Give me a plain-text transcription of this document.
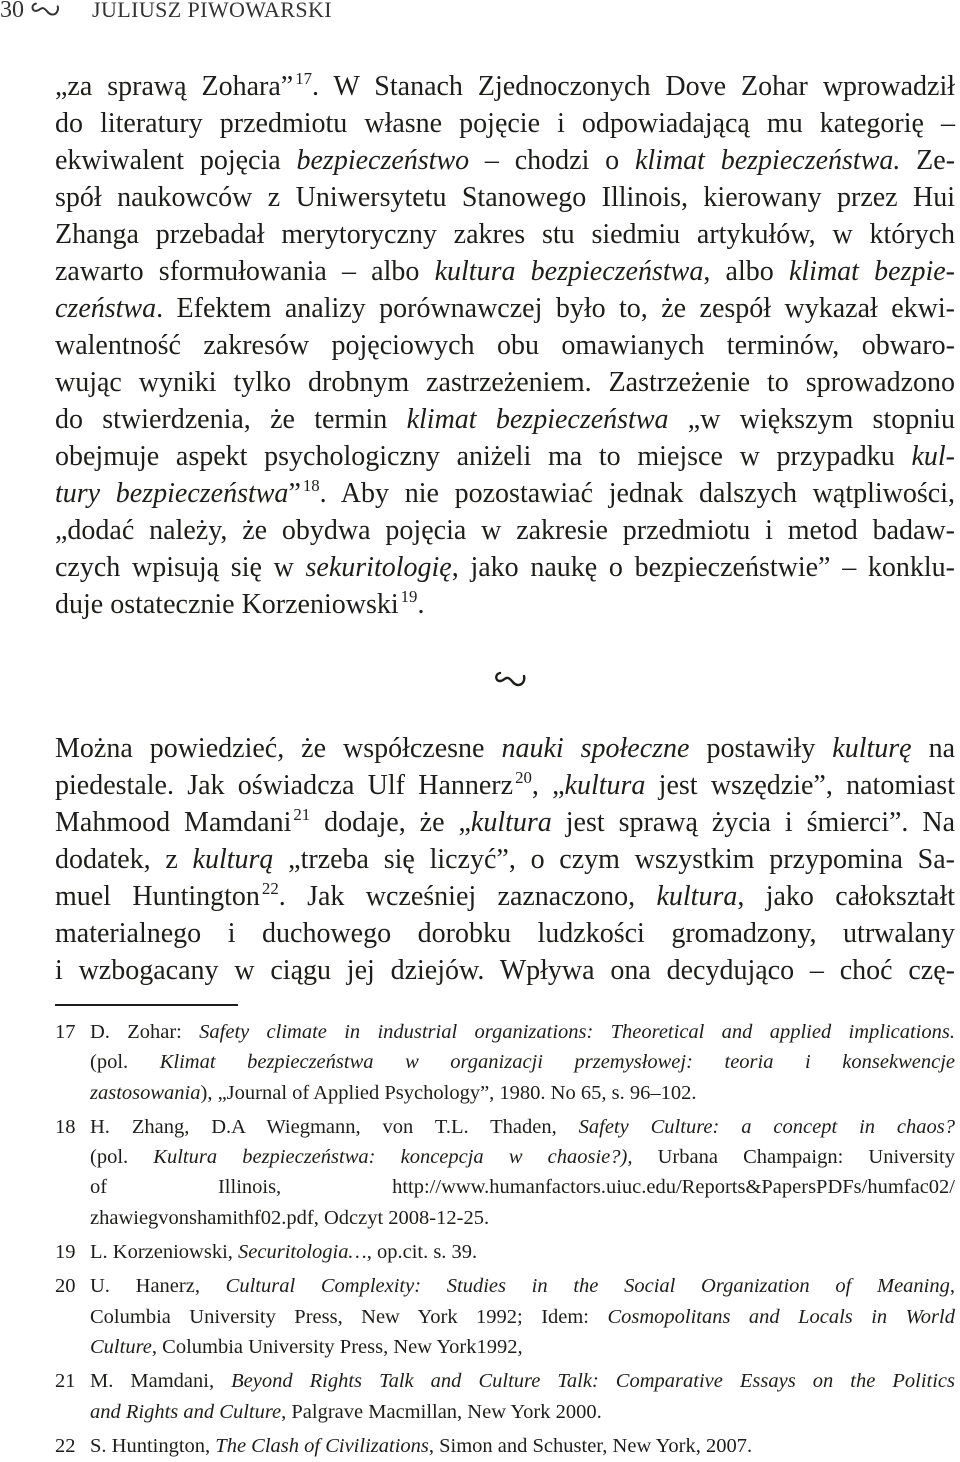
30	JULIUSZ PIWOWARSKI
„za sprawą Zohara” $^{17}$. W Stanach Zjednoczonych Dove Zohar wprowadził
do literatury przedmiotu własne pojęcie i odpowiadającą mu kategorię –
ekwiwalent pojęcia bezpieczeństwo – chodzi o klimat bezpieczeństwa. Ze-
spół naukowców z Uniwersytetu Stanowego Illinois, kierowany przez Hui
Zhanga przebadał merytoryczny zakres stu siedmiu artykułów, w których
zawarto sformułowania – albo kultura bezpieczeństwa, albo klimat bezpie-
czeństwa. Efektem analizy porównawczej było to, że zespół wykazał ekwi-
walentność zakresów pojęciowych obu omawianych terminów, obwaro-
wując wyniki tylko drobnym zastrzeżeniem. Zastrzeżenie to sprowadzono
do stwierdzenia, że termin klimat bezpieczeństwa „w większym stopniu
obejmuje aspekt psychologiczny aniżeli ma to miejsce w przypadku kul-
tury bezpieczeństwa” $^{18}$. Aby nie pozostawiać jednak dalszych wątpliwości,
„dodać należy, że obydwa pojęcia w zakresie przedmiotu i metod badaw-
czych wpisują się w sekuritologię, jako naukę o bezpieczeństwie” – konklu-
duje ostatecznie Korzeniowski $^{19}$.
Można powiedzieć, że współczesne nauki społeczne postawiły kulturę na
piedestale. Jak oświadcza Ulf Hannerz $^{20}$, „kultura jest wszędzie”, natomiast
Mahmood Mamdani $^{21}$ dodaje, że „kultura jest sprawą życia i śmierci”. Na
dodatek, z kulturą „trzeba się liczyć”, o czym wszystkim przypomina Sa-
muel Huntington $^{22}$. Jak wcześniej zaznaczono, kultura, jako całokształt
materialnego i duchowego dorobku ludzkości gromadzony, utrwalany
i wzbogacany w ciągu jej dziejów. Wpływa ona decydująco – choć czę-
17 D. Zohar: Safety climate in industrial organizations: Theoretical and applied implications.
(pol. Klimat bezpieczeństwa w organizacji przemysłowej: teoria i konsekwencje
zastosowania), „Journal of Applied Psychology”, 1980. No 65, s. 96–102.
18 H. Zhang, D.A Wiegmann, von T.L. Thaden, Safety Culture: a concept in chaos?
(pol. Kultura bezpieczeństwa: koncepcja w chaosie?), Urbana Champaign: University
of Illinois, http://www.humanfactors.uiuc.edu/Reports&PapersPDFs/humfac02/
zhawiegvonshamithf02.pdf, Odczyt 2008-12-25.
19 L. Korzeniowski, Securitologia…, op.cit. s. 39.
20 U. Hanerz, Cultural Complexity: Studies in the Social Organization of Meaning,
Columbia University Press, New York 1992; Idem: Cosmopolitans and Locals in World
Culture, Columbia University Press, New York1992,
21 M. Mamdani, Beyond Rights Talk and Culture Talk: Comparative Essays on the Politics
and Rights and Culture, Palgrave Macmillan, New York 2000.
22 S. Huntington, The Clash of Civilizations, Simon and Schuster, New York, 2007.
